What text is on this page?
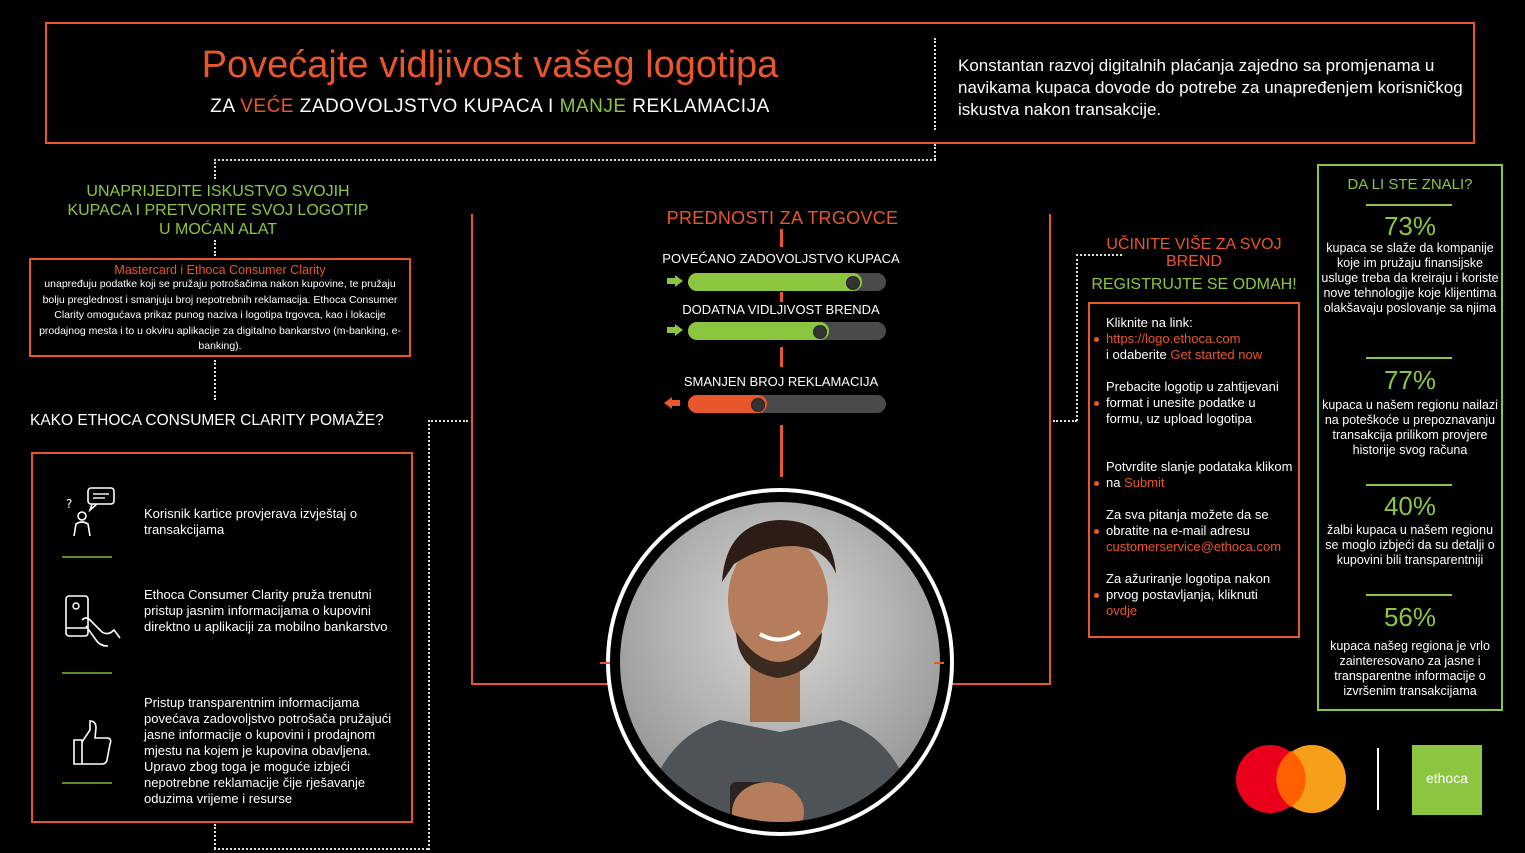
Povećajte vidljivost vašeg logotipa
ZA VEĆE ZADOVOLJSTVO KUPACA I MANJE REKLAMACIJA
Konstantan razvoj digitalnih plaćanja zajedno sa promjenama u navikama kupaca dovode do potrebe za unapređenjem korisničkog iskustva nakon transakcije.
UNAPRIJEDITE ISKUSTVO SVOJIH KUPACA I PRETVORITE SVOJ LOGOTIP U MOĆAN ALAT
Mastercard i Ethoca Consumer Clarity
unapređuju podatke koji se pružaju potrošačima nakon kupovine, te pružaju bolju preglednost i smanjuju broj nepotrebnih reklamacija. Ethoca Consumer Clarity omogućava prikaz punog naziva i logotipa trgovca, kao i lokacije prodajnog mesta i to u okviru aplikacije za digitalno bankarstvo (m-banking, e-banking).
KAKO ETHOCA CONSUMER CLARITY POMAŽE?
?
Korisnik kartice provjerava izvještaj o transakcijama
Ethoca Consumer Clarity pruža trenutni pristup jasnim informacijama o kupovini direktno u aplikaciji za mobilno bankarstvo
Pristup transparentnim informacijama povećava zadovoljstvo potrošača pružajući jasne informacije o kupovini i prodajnom mjestu na kojem je kupovina obavljena. Upravo zbog toga je moguće izbjeći nepotrebne reklamacije čije rješavanje oduzima vrijeme i resurse
PREDNOSTI ZA TRGOVCE
POVEĆANO ZADOVOLJSTVO KUPACA
DODATNA VIDLJIVOST BRENDA
SMANJEN BROJ REKLAMACIJA
UČINITE VIŠE ZA SVOJ BREND
REGISTRUJTE SE ODMAH!
Kliknite na link:
https://logo.ethoca.com
i odaberite Get started now
Prebacite logotip u zahtijevani format i unesite podatke u formu, uz upload logotipa
Potvrdite slanje podataka klikom na Submit
Za sva pitanja možete da se obratite na e-mail adresu
customerservice@ethoca.com
Za ažuriranje logotipa nakon prvog postavljanja, kliknuti
ovdje
DA LI STE ZNALI?
73%
kupaca se slaže da kompanije koje im pružaju finansijske usluge treba da kreiraju i koriste nove tehnologije koje klijentima olakšavaju poslovanje sa njima
77%
kupaca u našem regionu nailazi na poteškoće u prepoznavanju transakcija prilikom provjere historije svog računa
40%
žalbi kupaca u našem regionu se moglo izbjeći da su detalji o kupovini bili transparentniji
56%
kupaca našeg regiona je vrlo zainteresovano za jasne i transparentne informacije o izvršenim transakcijama
ethoca
